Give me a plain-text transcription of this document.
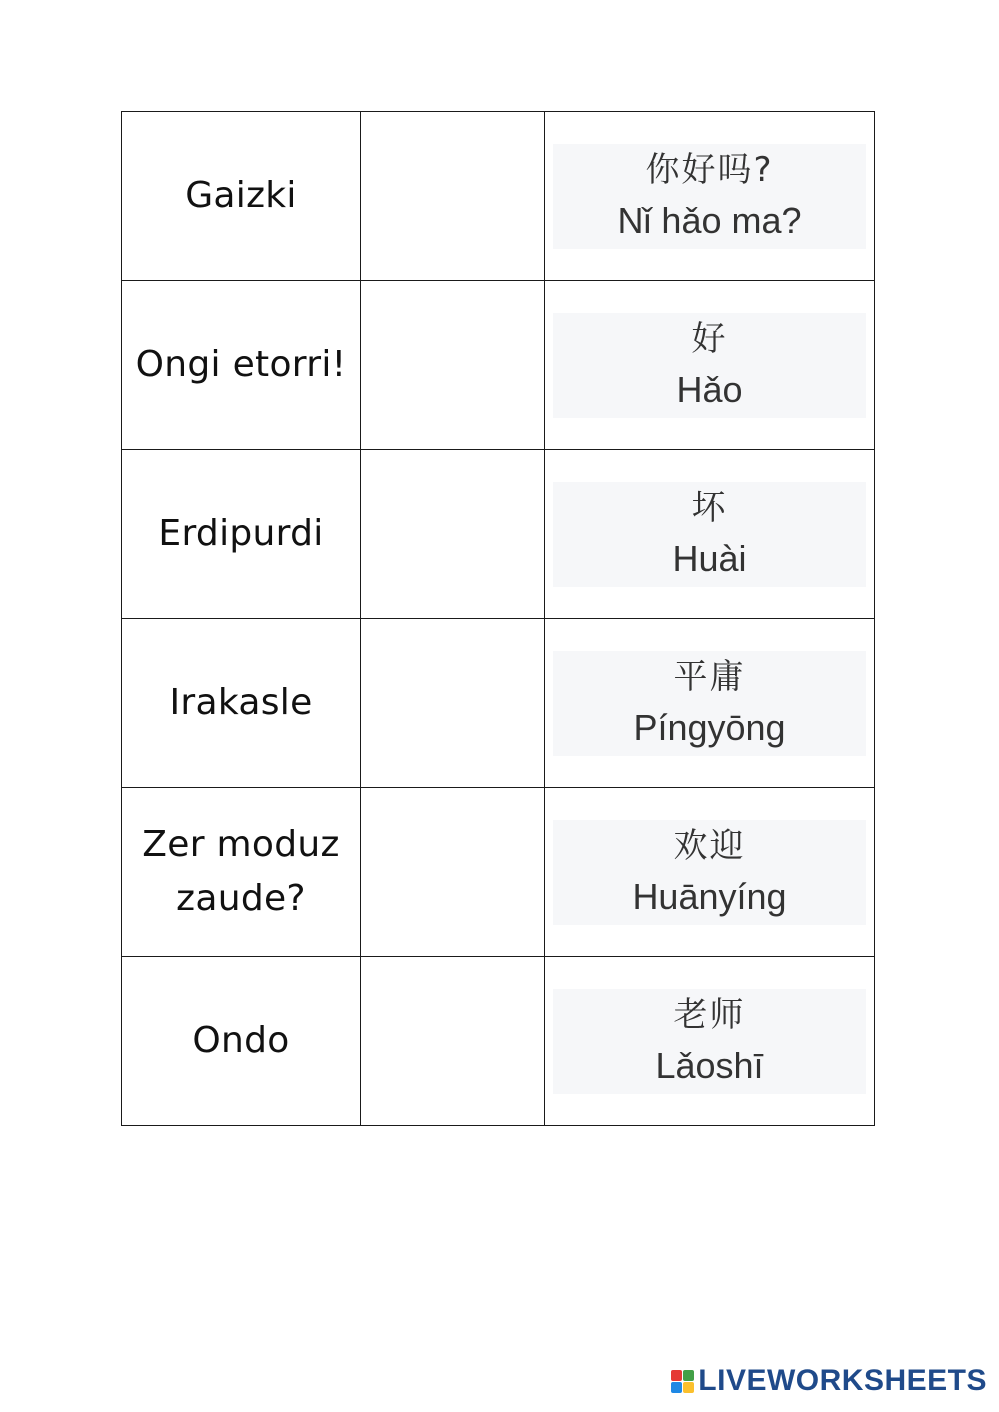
Gaizki		你好吗?
Nǐ hǎo ma?

Ongi etorri!		好
Hǎo

Erdipurdi		坏
Huài

Irakasle		平庸
Píngyōng

Zer moduz zaude?		欢迎
Huānyíng

Ondo		老师
Lǎoshī
LIVEWORKSHEETS
